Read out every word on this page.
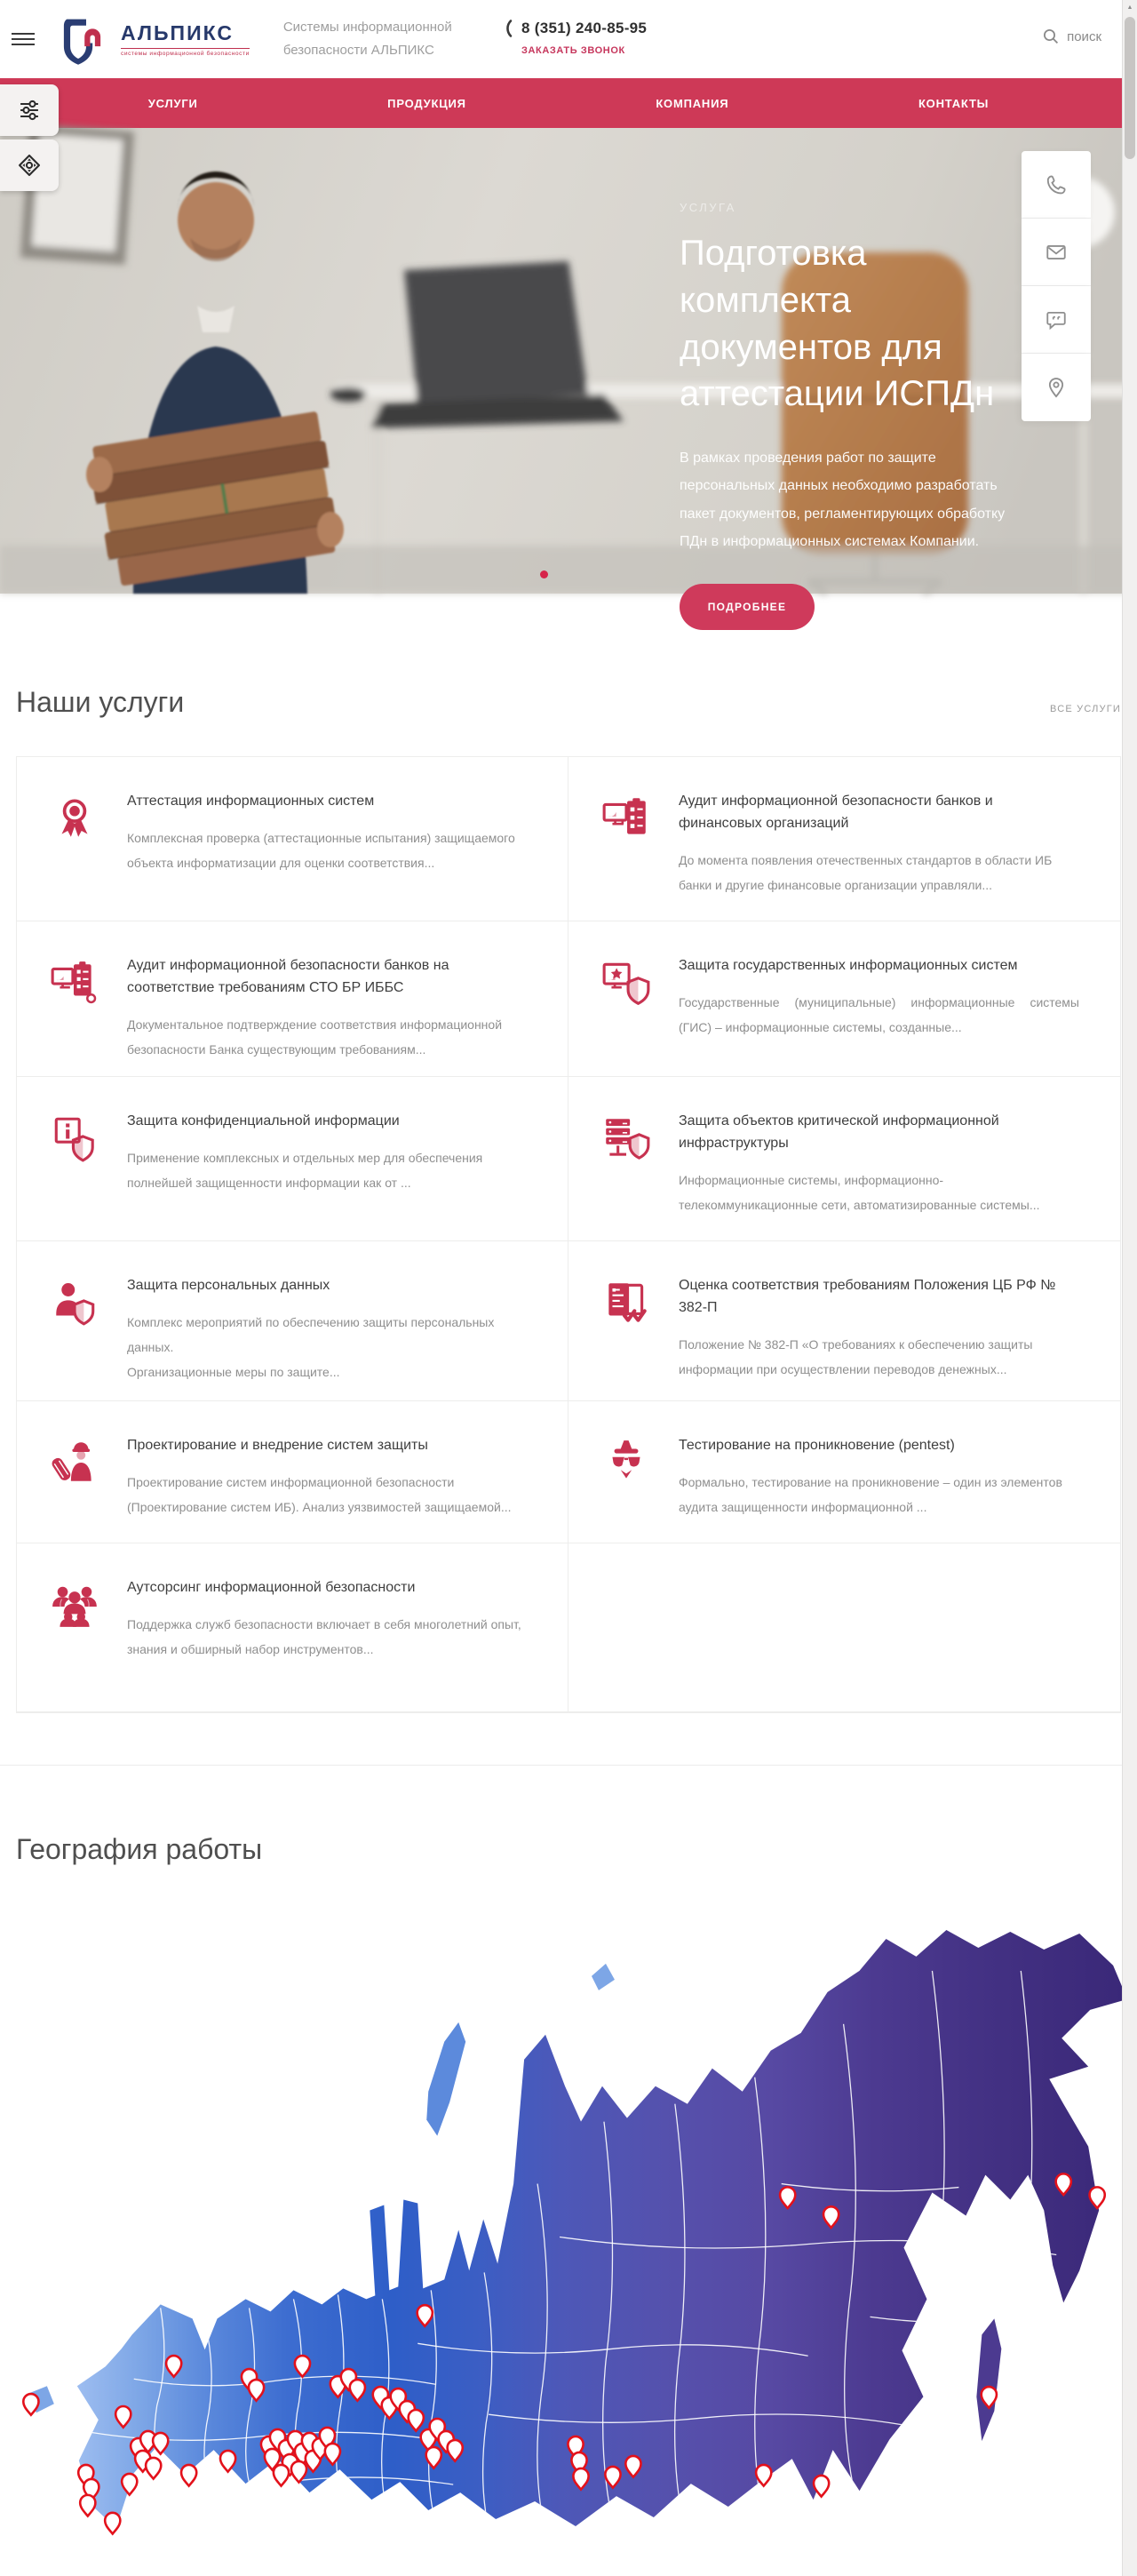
АЛЬПИКС
системы информационной безопасности
Системы информационной
безопасности АЛЬПИКС
8 (351) 240-85-95
ЗАКАЗАТЬ ЗВОНОК
поиск
УСЛУГИ	ПРОДУКЦИЯ	КОМПАНИЯ	КОНТАКТЫ
УСЛУГА
Подготовка комплекта документов для аттестации ИСПДн
В рамках проведения работ по защите персональных данных необходимо разработать пакет документов, регламентирующих обработку ПДн в информационных системах Компании.
ПОДРОБНЕЕ
Наши услуги	ВСЕ УСЛУГИ
Аттестация информационных систем
Комплексная проверка (аттестационные испытания) защищаемого объекта информатизации для оценки соответствия...
Аудит информационной безопасности банков и финансовых организаций
До момента появления отечественных стандартов в области ИБ банки и другие финансовые организации управляли...
Аудит информационной безопасности банков на соответствие требованиям СТО БР ИББС
Документальное подтверждение соответствия информационной безопасности Банка существующим требованиям...
Защита государственных информационных систем
Государственные (муниципальные) информационные системы (ГИС) – информационные системы, созданные...
Защита конфиденциальной информации
Применение комплексных и отдельных мер для обеспечения полнейшей защищенности информации как от ...
Защита объектов критической информационной инфраструктуры
Информационные системы, информационно-телекоммуникационные сети, автоматизированные системы...
Защита персональных данных
Комплекс мероприятий по обеспечению защиты персональных данных.
Организационные меры по защите...
Оценка соответствия требованиям Положения ЦБ РФ № 382-П
Положение № 382-П «О требованиях к обеспечению защиты информации при осуществлении переводов денежных...
Проектирование и внедрение систем защиты
Проектирование систем информационной безопасности (Проектирование систем ИБ). Анализ уязвимостей защищаемой...
Тестирование на проникновение (pentest)
Формально, тестирование на проникновение – один из элементов аудита защищенности информационной ...
Аутсорсинг информационной безопасности
Поддержка служб безопасности включает в себя многолетний опыт, знания и обширный набор инструментов...
География работы
▲
